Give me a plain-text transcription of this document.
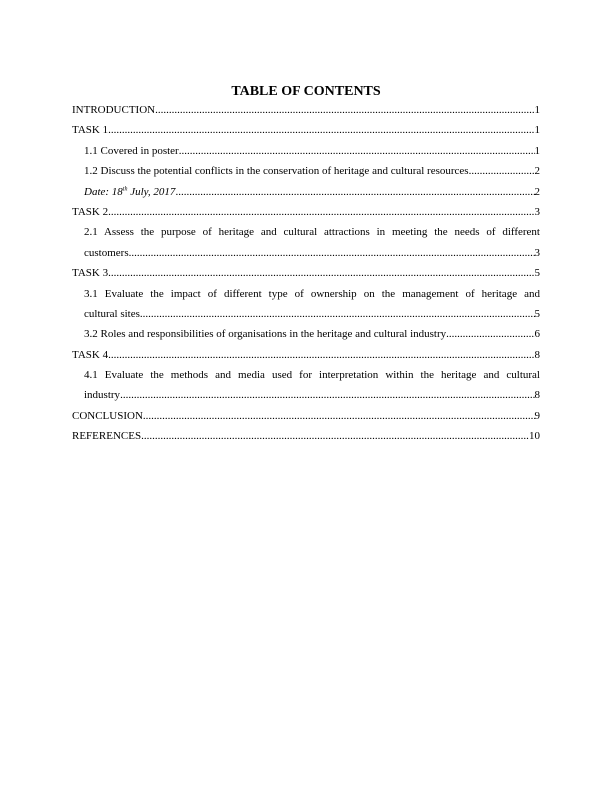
TABLE OF CONTENTS
INTRODUCTION .....	1
TASK 1 .....	1
1.1 Covered in poster .....	1
1.2 Discuss the potential conflicts in the conservation of heritage and cultural resources .....	2
Date: 18th July, 2017 .....	2
TASK 2 .....	3
2.1 Assess the purpose of heritage and cultural attractions in meeting the needs of different
customers .....	3
TASK 3 .....	5
3.1 Evaluate the impact of different type of ownership on the management of heritage and
cultural sites .....	5
3.2 Roles and responsibilities of organisations in the heritage and cultural industry .....	6
TASK 4 .....	8
4.1 Evaluate the methods and media used for interpretation within the heritage and cultural
industry .....	8
CONCLUSION .....	9
REFERENCES .....	10
